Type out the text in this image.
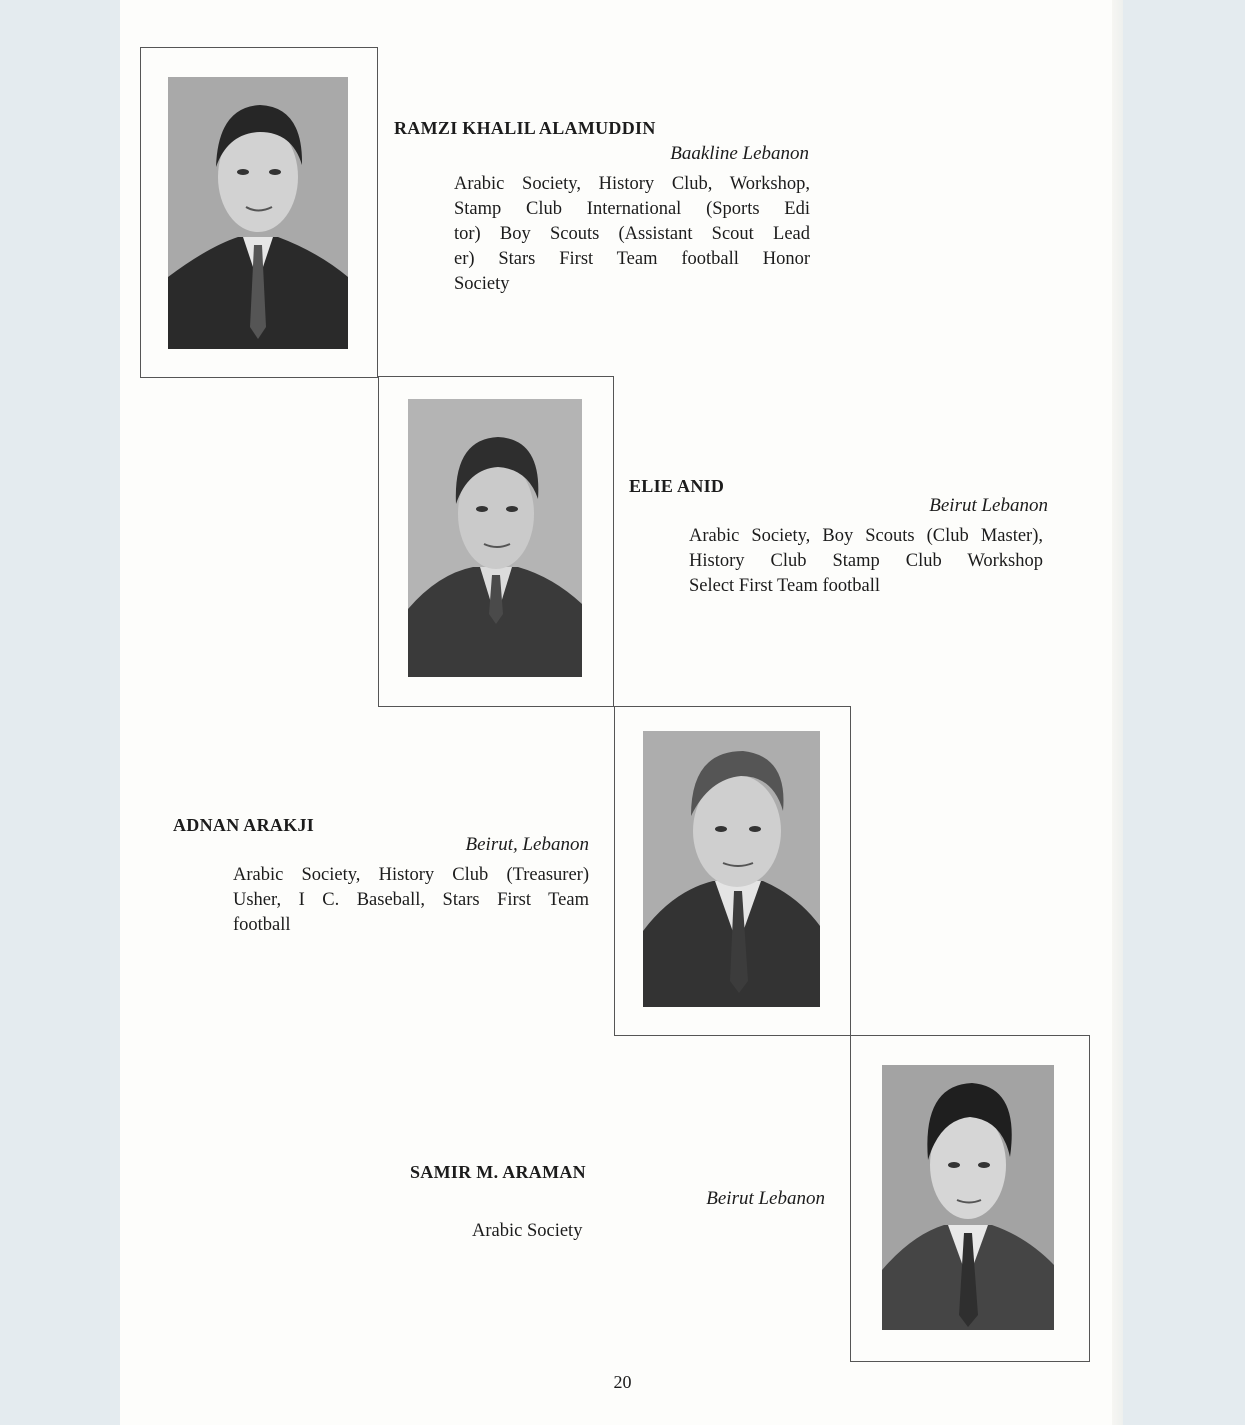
RAMZI KHALIL ALAMUDDIN
Baakline Lebanon
Arabic Society, History Club, Workshop,
Stamp Club International (Sports Edi
tor) Boy Scouts (Assistant Scout Lead
er) Stars First Team football Honor
Society
ELIE ANID
Beirut Lebanon
Arabic Society, Boy Scouts (Club Master),
History Club Stamp Club Workshop
Select First Team football
ADNAN ARAKJI
Beirut, Lebanon
Arabic Society, History Club (Treasurer)
Usher, I C. Baseball, Stars First Team
football
SAMIR M. ARAMAN
Beirut Lebanon
Arabic Society
20
